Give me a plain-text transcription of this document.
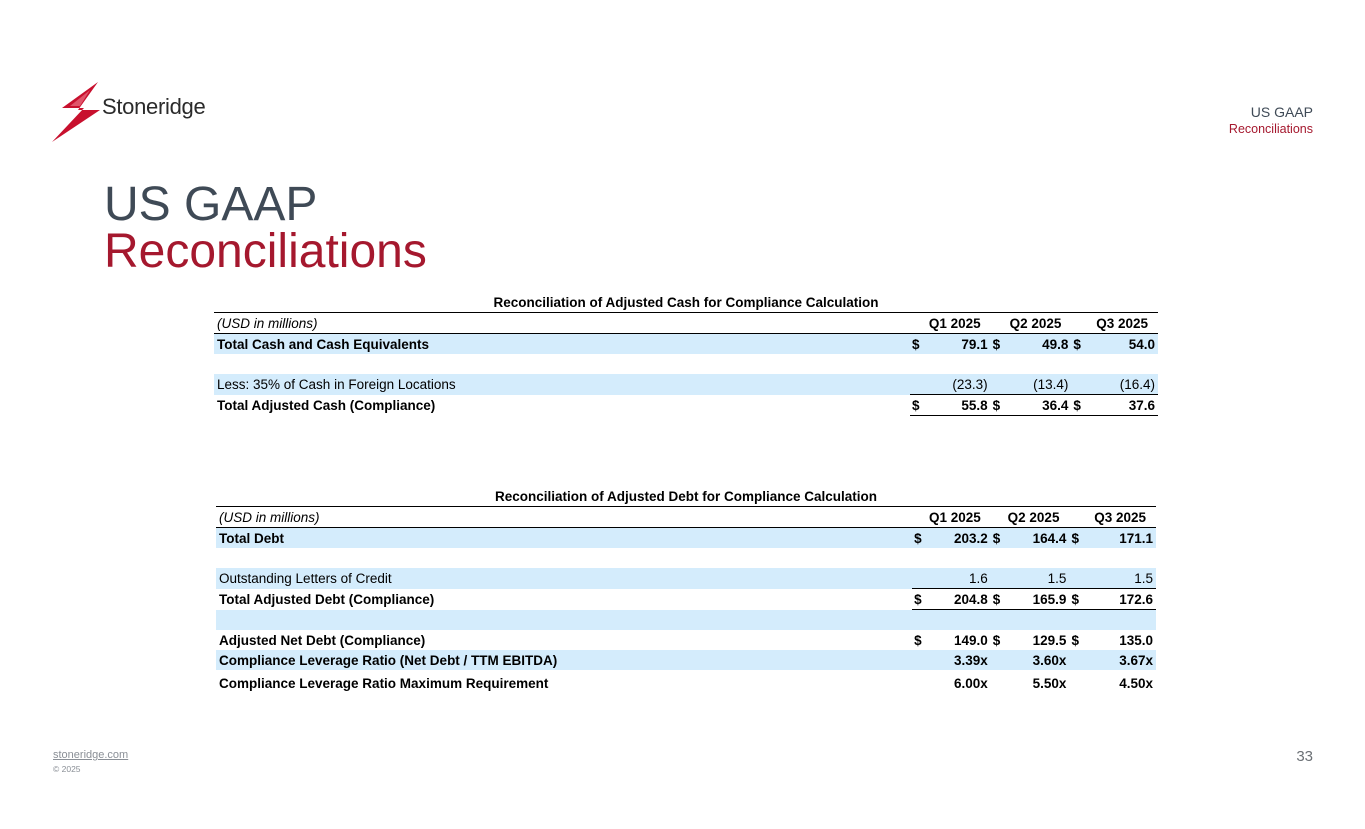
Stoneridge	US GAAP
Reconciliations
US GAAP
Reconciliations
Reconciliation of Adjusted Cash for Compliance Calculation						
(USD in millions)	Q1 2025		Q2 2025		Q3 2025	
Total Cash and Cash Equivalents	$	79.1	$	49.8	$	54.0

Less: 35% of Cash in Foreign Locations		(23.3)		(13.4)		(16.4)
Total Adjusted Cash (Compliance)	$	55.8	$	36.4	$	37.6
Reconciliation of Adjusted Debt for Compliance Calculation						
(USD in millions)	Q1 2025		Q2 2025		Q3 2025	
Total Debt	$	203.2	$	164.4	$	171.1

Outstanding Letters of Credit		1.6		1.5		1.5
Total Adjusted Debt (Compliance)	$	204.8	$	165.9	$	172.6

Adjusted Net Debt (Compliance)	$	149.0	$	129.5	$	135.0
Compliance Leverage Ratio (Net Debt / TTM EBITDA)		3.39x		3.60x		3.67x
Compliance Leverage Ratio Maximum Requirement		6.00x		5.50x		4.50x
stoneridge.com
© 2025
33
